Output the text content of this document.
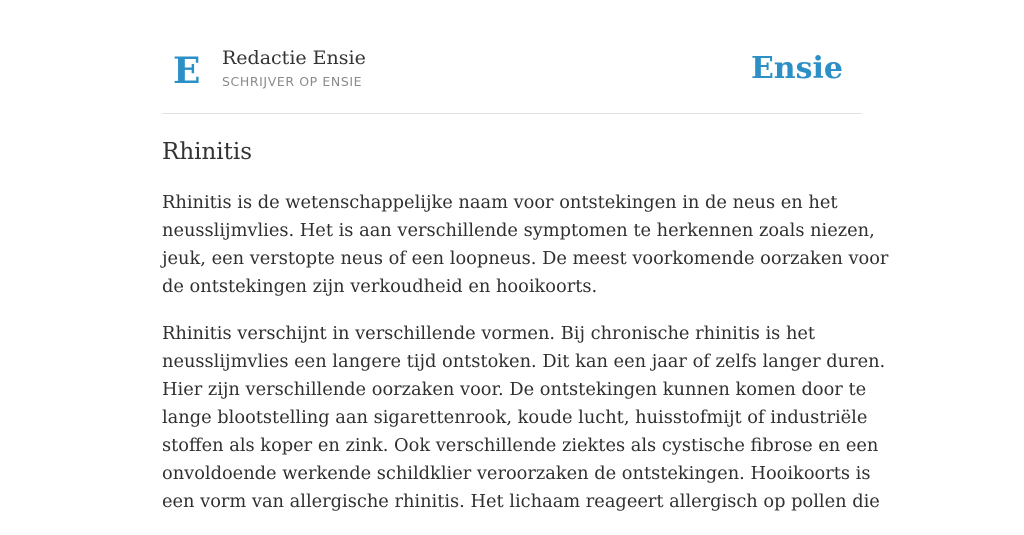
E Redactie Ensie
SCHRIJVER OP ENSIE	Ensie
Rhinitis

Rhinitis is de wetenschappelijke naam voor ontstekingen in de neus en het
neusslijmvlies. Het is aan verschillende symptomen te herkennen zoals niezen,
jeuk, een verstopte neus of een loopneus. De meest voorkomende oorzaken voor
de ontstekingen zijn verkoudheid en hooikoorts.

Rhinitis verschijnt in verschillende vormen. Bij chronische rhinitis is het
neusslijmvlies een langere tijd ontstoken. Dit kan een jaar of zelfs langer duren.
Hier zijn verschillende oorzaken voor. De ontstekingen kunnen komen door te
lange blootstelling aan sigarettenrook, koude lucht, huisstofmijt of industriële
stoffen als koper en zink. Ook verschillende ziektes als cystische fibrose en een
onvoldoende werkende schildklier veroorzaken de ontstekingen. Hooikoorts is
een vorm van allergische rhinitis. Het lichaam reageert allergisch op pollen die
